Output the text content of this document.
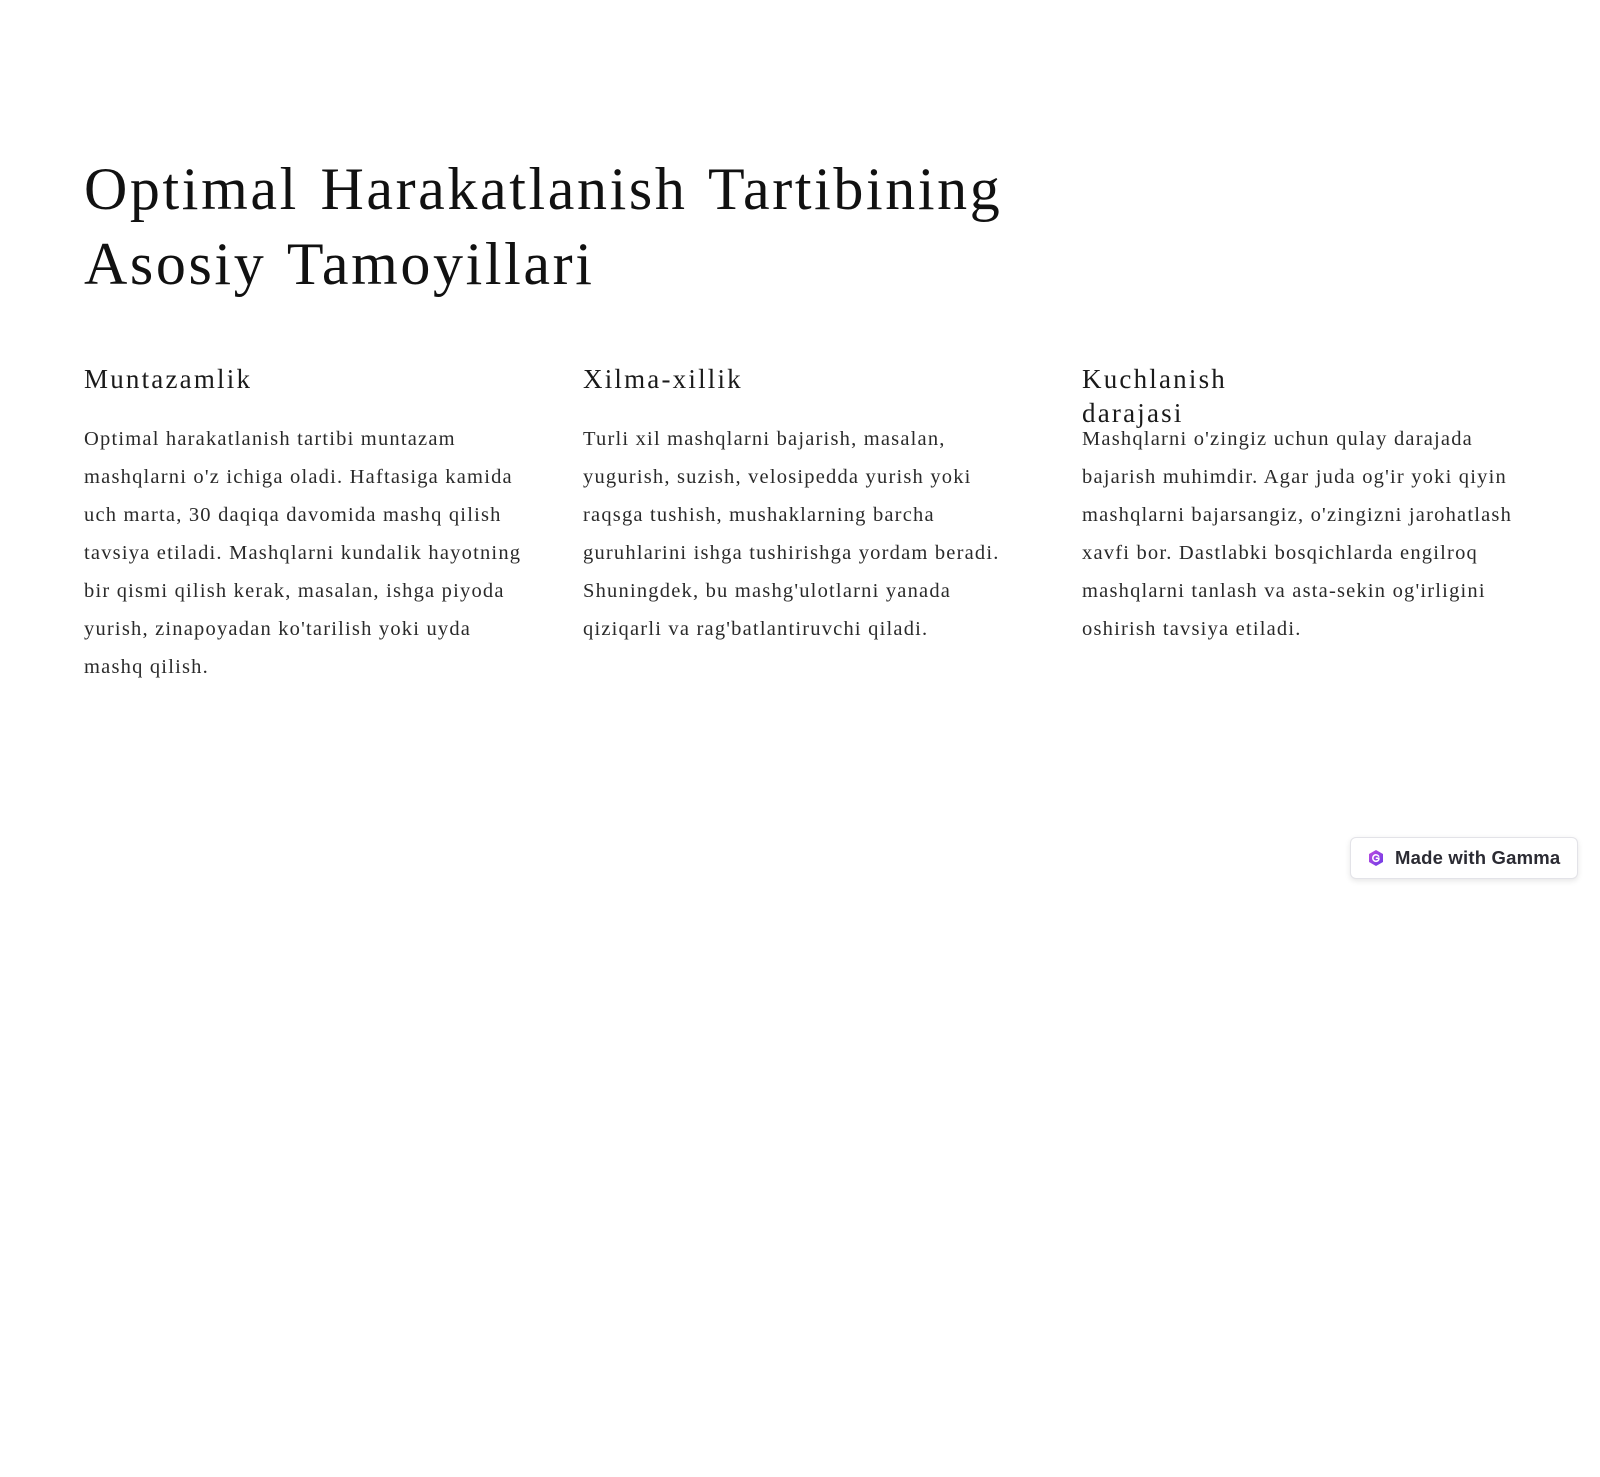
Optimal Harakatlanish Tartibining
Asosiy Tamoyillari
Muntazamlik

Optimal harakatlanish tartibi muntazam mashqlarni o'z ichiga oladi. Haftasiga kamida uch marta, 30 daqiqa davomida mashq qilish tavsiya etiladi. Mashqlarni kundalik hayotning bir qismi qilish kerak, masalan, ishga piyoda yurish, zinapoyadan ko'tarilish yoki uyda mashq qilish.

Xilma-xillik

Turli xil mashqlarni bajarish, masalan, yugurish, suzish, velosipedda yurish yoki raqsga tushish, mushaklarning barcha guruhlarini ishga tushirishga yordam beradi. Shuningdek, bu mashg'ulotlarni yanada qiziqarli va rag'batlantiruvchi qiladi.

Kuchlanish darajasi

Mashqlarni o'zingiz uchun qulay darajada bajarish muhimdir. Agar juda og'ir yoki qiyin mashqlarni bajarsangiz, o'zingizni jarohatlash xavfi bor. Dastlabki bosqichlarda engilroq mashqlarni tanlash va asta-sekin og'irligini oshirish tavsiya etiladi.

Made with Gamma
